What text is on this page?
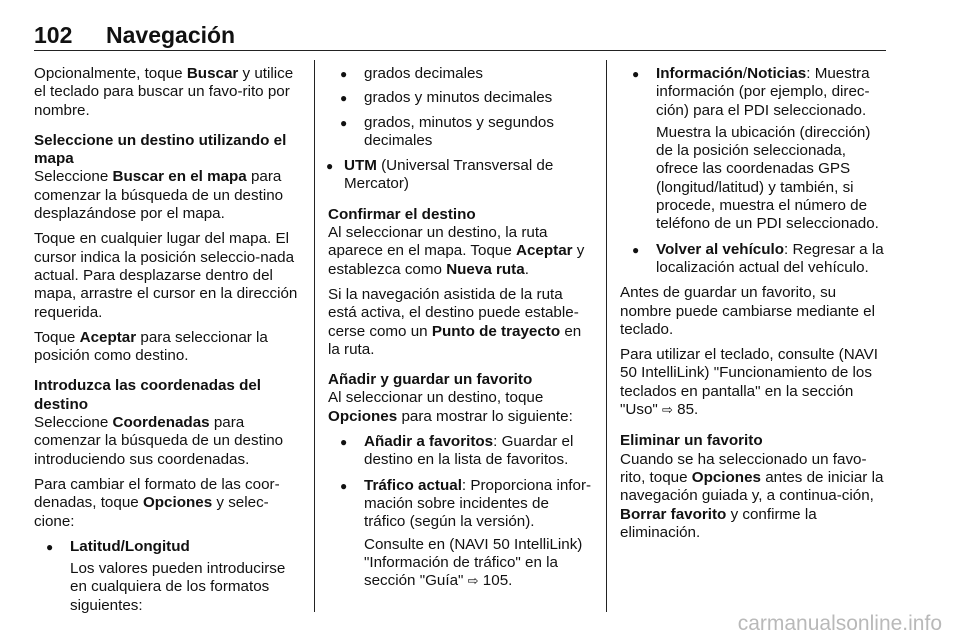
102 Navegación

Opcionalmente, toque Buscar y utilice el teclado para buscar un favo-rito por nombre.

Seleccione un destino utilizando el mapa

Seleccione Buscar en el mapa para comenzar la búsqueda de un destino desplazándose por el mapa.

Toque en cualquier lugar del mapa. El cursor indica la posición seleccio-nada actual. Para desplazarse dentro del mapa, arrastre el cursor en la dirección requerida.

Toque Aceptar para seleccionar la posición como destino.

Introduzca las coordenadas del destino

Seleccione Coordenadas para comenzar la búsqueda de un destino introduciendo sus coordenadas.

Para cambiar el formato de las coor-denadas, toque Opciones y selec-cione:

● Latitud/Longitud
Los valores pueden introducirse en cualquiera de los formatos siguientes:
● grados decimales
● grados y minutos decimales
● grados, minutos y segundos decimales
● UTM (Universal Transversal de Mercator)

Confirmar el destino

Al seleccionar un destino, la ruta aparece en el mapa. Toque Aceptar y establezca como Nueva ruta.

Si la navegación asistida de la ruta está activa, el destino puede estable-cerse como un Punto de trayecto en la ruta.

Añadir y guardar un favorito

Al seleccionar un destino, toque Opciones para mostrar lo siguiente:

● Añadir a favoritos: Guardar el destino en la lista de favoritos.
● Tráfico actual: Proporciona infor-mación sobre incidentes de tráfico (según la versión).
Consulte en (NAVI 50 IntelliLink) "Información de tráfico" en la sección "Guía" ⇨ 105.
● Información/Noticias: Muestra información (por ejemplo, direc-ción) para el PDI seleccionado.
Muestra la ubicación (dirección) de la posición seleccionada, ofrece las coordenadas GPS (longitud/latitud) y también, si procede, muestra el número de teléfono de un PDI seleccionado.
● Volver al vehículo: Regresar a la localización actual del vehículo.

Antes de guardar un favorito, su nombre puede cambiarse mediante el teclado.

Para utilizar el teclado, consulte (NAVI 50 IntelliLink) "Funcionamiento de los teclados en pantalla" en la sección "Uso" ⇨ 85.

Eliminar un favorito

Cuando se ha seleccionado un favo-rito, toque Opciones antes de iniciar la navegación guiada y, a continua-ción, Borrar favorito y confirme la eliminación.

carmanualsonline.info
